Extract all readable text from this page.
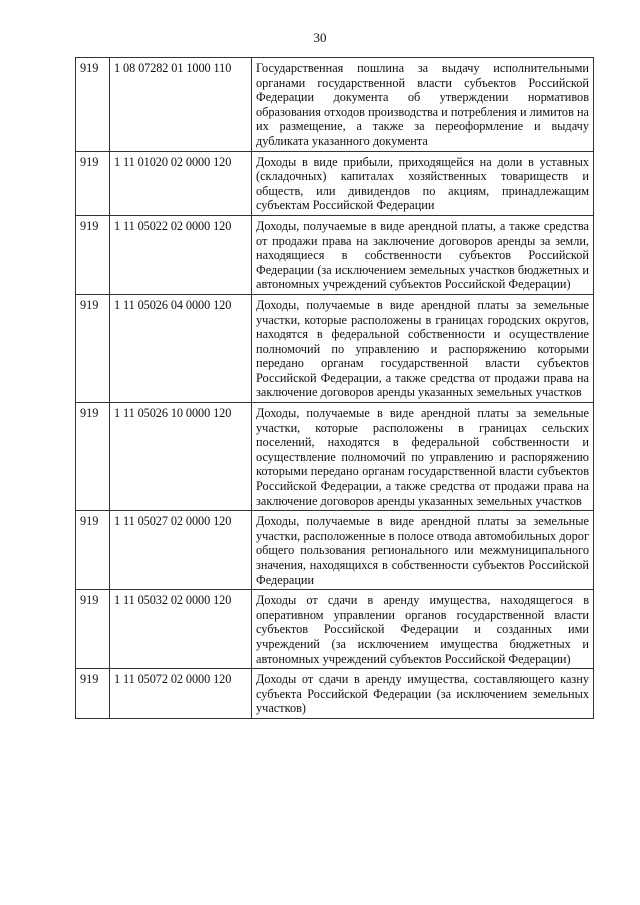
30
919	1 08 07282 01 1000 110	Государственная пошлина за выдачу исполнительными органами государственной власти субъектов Российской Федерации документа об утверждении нормативов образования отходов производства и потребления и лимитов на их размещение, а также за переоформление и выдачу дубликата указанного документа
919	1 11 01020 02 0000 120	Доходы в виде прибыли, приходящейся на доли в уставных (складочных) капиталах хозяйственных товариществ и обществ, или дивидендов по акциям, принадлежащим субъектам Российской Федерации
919	1 11 05022 02 0000 120	Доходы, получаемые в виде арендной платы, а также средства от продажи права на заключение договоров аренды за земли, находящиеся в собственности субъектов Российской Федерации (за исключением земельных участков бюджетных и автономных учреждений субъектов Российской Федерации)
919	1 11 05026 04 0000 120	Доходы, получаемые в виде арендной платы за земельные участки, которые расположены в границах городских округов, находятся в федеральной собственности и осуществление полномочий по управлению и распоряжению которыми передано органам государственной власти субъектов Российской Федерации, а также средства от продажи права на заключение договоров аренды указанных земельных участков
919	1 11 05026 10 0000 120	Доходы, получаемые в виде арендной платы за земельные участки, которые расположены в границах сельских поселений, находятся в федеральной собственности и осуществление полномочий по управлению и распоряжению которыми передано органам государственной власти субъектов Российской Федерации, а также средства от продажи права на заключение договоров аренды указанных земельных участков
919	1 11 05027 02 0000 120	Доходы, получаемые в виде арендной платы за земельные участки, расположенные в полосе отвода автомобильных дорог общего пользования регионального или межмуниципального значения, находящихся в собственности субъектов Российской Федерации
919	1 11 05032 02 0000 120	Доходы от сдачи в аренду имущества, находящегося в оперативном управлении органов государственной власти субъектов Российской Федерации и созданных ими учреждений (за исключением имущества бюджетных и автономных учреждений субъектов Российской Федерации)
919	1 11 05072 02 0000 120	Доходы от сдачи в аренду имущества, составляющего казну субъекта Российской Федерации (за исключением земельных участков)
